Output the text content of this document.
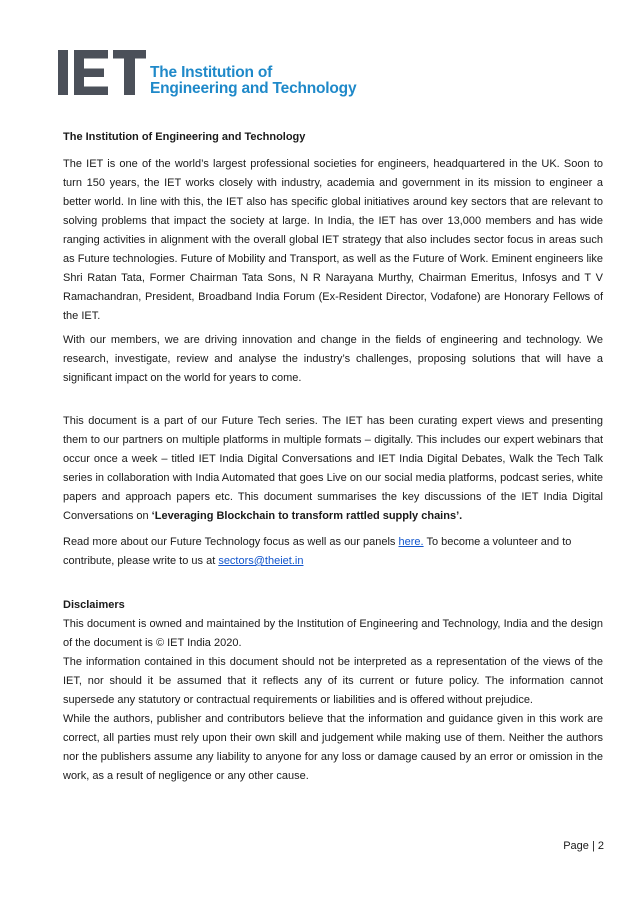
The Institution of
Engineering and Technology

The Institution of Engineering and Technology

The IET is one of the world’s largest professional societies for engineers, headquartered in the UK. Soon to turn 150 years, the IET works closely with industry, academia and government in its mission to engineer a better world. In line with this, the IET also has specific global initiatives around key sectors that are relevant to solving problems that impact the society at large. In India, the IET has over 13,000 members and has wide ranging activities in alignment with the overall global IET strategy that also includes sector focus in areas such as Future technologies. Future of Mobility and Transport, as well as the Future of Work. Eminent engineers like Shri Ratan Tata, Former Chairman Tata Sons, N R Narayana Murthy, Chairman Emeritus, Infosys and T V Ramachandran, President, Broadband India Forum (Ex-Resident Director, Vodafone) are Honorary Fellows of the IET.

With our members, we are driving innovation and change in the fields of engineering and technology. We research, investigate, review and analyse the industry’s challenges, proposing solutions that will have a significant impact on the world for years to come.

This document is a part of our Future Tech series. The IET has been curating expert views and presenting them to our partners on multiple platforms in multiple formats – digitally. This includes our expert webinars that occur once a week – titled IET India Digital Conversations and IET India Digital Debates, Walk the Tech Talk series in collaboration with India Automated that goes Live on our social media platforms, podcast series, white papers and approach papers etc. This document summarises the key discussions of the IET India Digital Conversations on ‘Leveraging Blockchain to transform rattled supply chains’.

Read more about our Future Technology focus as well as our panels here. To become a volunteer and to contribute, please write to us at sectors@theiet.in

Disclaimers

This document is owned and maintained by the Institution of Engineering and Technology, India and the design of the document is © IET India 2020.

The information contained in this document should not be interpreted as a representation of the views of the IET, nor should it be assumed that it reflects any of its current or future policy. The information cannot supersede any statutory or contractual requirements or liabilities and is offered without prejudice.

While the authors, publisher and contributors believe that the information and guidance given in this work are correct, all parties must rely upon their own skill and judgement while making use of them. Neither the authors nor the publishers assume any liability to anyone for any loss or damage caused by an error or omission in the work, as a result of negligence or any other cause.

Page | 2
